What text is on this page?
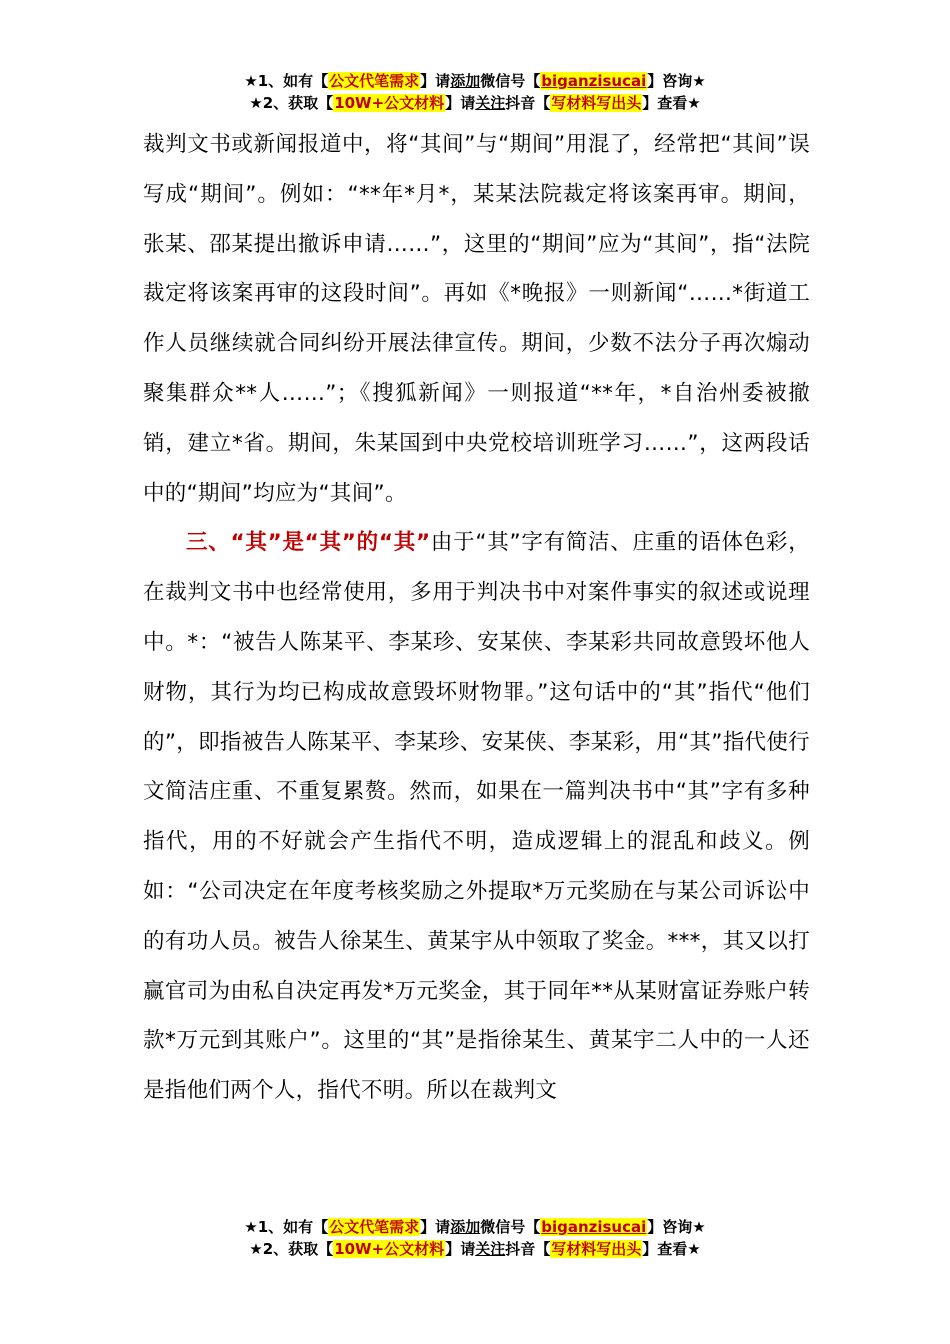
★1、如有【公文代笔需求】请添加微信号【biganzisucai】咨询★
★2、获取【10W+公文材料】请关注抖音【写材料写出头】查看★

裁判文书或新闻报道中，将“其间”与“期间”用混了，经常把“其间”误写成“期间”。例如：“**年*月*，某某法院裁定将该案再审。期间，张某、邵某提出撤诉申请……”，这里的“期间”应为“其间”，指“法院裁定将该案再审的这段时间”。再如《*晚报》一则新闻“……*街道工作人员继续就合同纠纷开展法律宣传。期间，少数不法分子再次煽动聚集群众**人……”；《搜狐新闻》一则报道“**年，*自治州委被撤销，建立*省。期间，朱某国到中央党校培训班学习……”，这两段话中的“期间”均应为“其间”。

三、“其”是“其”的“其”由于“其”字有简洁、庄重的语体色彩，在裁判文书中也经常使用，多用于判决书中对案件事实的叙述或说理中。*：“被告人陈某平、李某珍、安某侠、李某彩共同故意毁坏他人财物，其行为均已构成故意毁坏财物罪。”这句话中的“其”指代“他们的”，即指被告人陈某平、李某珍、安某侠、李某彩，用“其”指代使行文简洁庄重、不重复累赘。然而，如果在一篇判决书中“其”字有多种指代，用的不好就会产生指代不明，造成逻辑上的混乱和歧义。例如：“公司决定在年度考核奖励之外提取*万元奖励在与某公司诉讼中的有功人员。被告人徐某生、黄某宇从中领取了奖金。***，其又以打赢官司为由私自决定再发*万元奖金，其于同年**从某财富证券账户转款*万元到其账户”。这里的“其”是指徐某生、黄某宇二人中的一人还是指他们两个人，指代不明。所以在裁判文

★1、如有【公文代笔需求】请添加微信号【biganzisucai】咨询★
★2、获取【10W+公文材料】请关注抖音【写材料写出头】查看★
